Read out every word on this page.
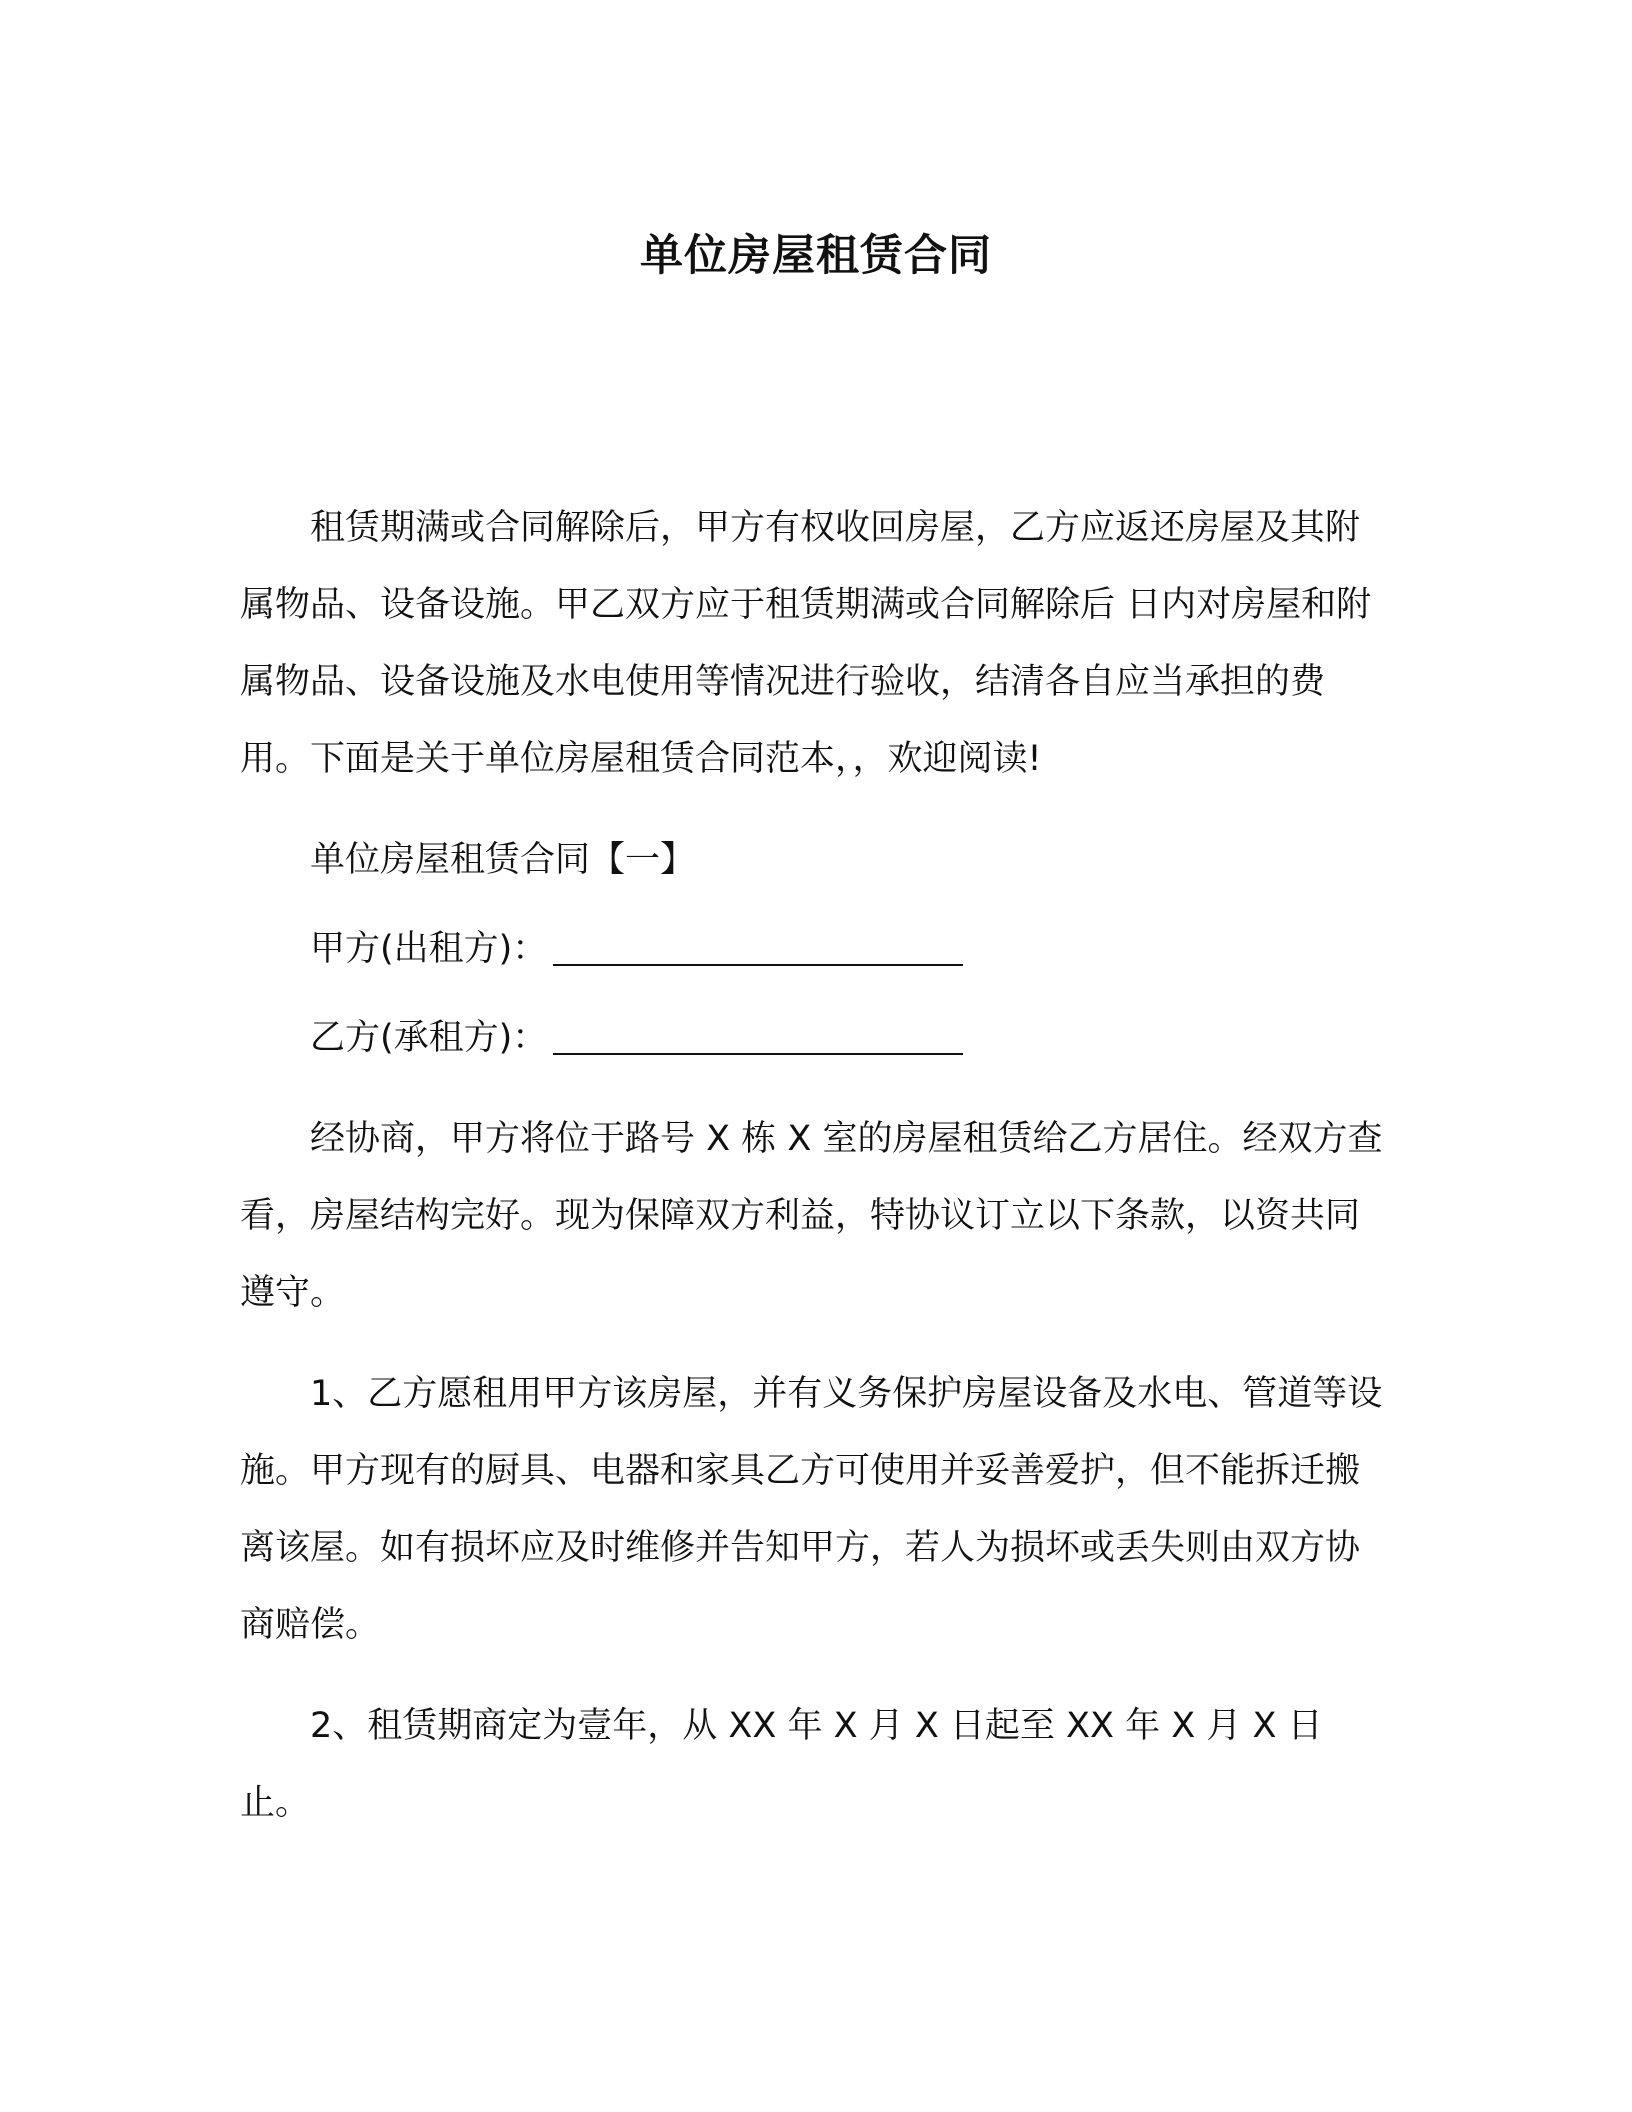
单位房屋租赁合同

租赁期满或合同解除后，甲方有权收回房屋，乙方应返还房屋及其附属物品、设备设施。甲乙双方应于租赁期满或合同解除后 日内对房屋和附属物品、设备设施及水电使用等情况进行验收，结清各自应当承担的费用。下面是关于单位房屋租赁合同范本，，欢迎阅读!

单位房屋租赁合同【一】

甲方(出租方)：

乙方(承租方)：

经协商，甲方将位于路号 X 栋 X 室的房屋租赁给乙方居住。经双方查看，房屋结构完好。现为保障双方利益，特协议订立以下条款，以资共同遵守。

1、乙方愿租用甲方该房屋，并有义务保护房屋设备及水电、管道等设施。甲方现有的厨具、电器和家具乙方可使用并妥善爱护，但不能拆迁搬离该屋。如有损坏应及时维修并告知甲方，若人为损坏或丢失则由双方协商赔偿。

2、租赁期商定为壹年，从 XX 年 X 月 X 日起至 XX 年 X 月 X 日止。
